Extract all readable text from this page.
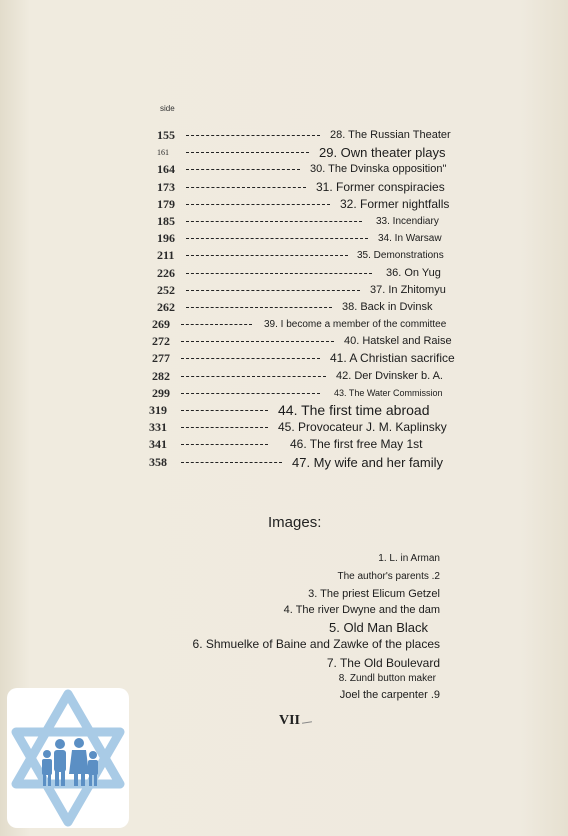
side
155	28. The Russian Theater
161	29. Own theater plays
164	30. The Dvinska opposition"
173	31. Former conspiracies
179	32. Former nightfalls
185	33. Incendiary
196	34. In Warsaw
211	35. Demonstrations
226	36. On Yug
252	37. In Zhitomyu
262	38. Back in Dvinsk
269	39. I become a member of the committee
272	40. Hatskel and Raise
277	41. A Christian sacrifice
282	42. Der Dvinsker b. A.
299	43. The Water Commission
319	44. The first time abroad
331	45. Provocateur J. M. Kaplinsky
341	46. The first free May 1st
358	47. My wife and her family
Images:
1. L. in Arman
The author's parents .2
3. The priest Elicum Getzel
4. The river Dwyne and the dam
5. Old Man Black
6. Shmuelke of Baine and Zawke of the places
7. The Old Boulevard
8. Zundl button maker
Joel the carpenter .9
VII
